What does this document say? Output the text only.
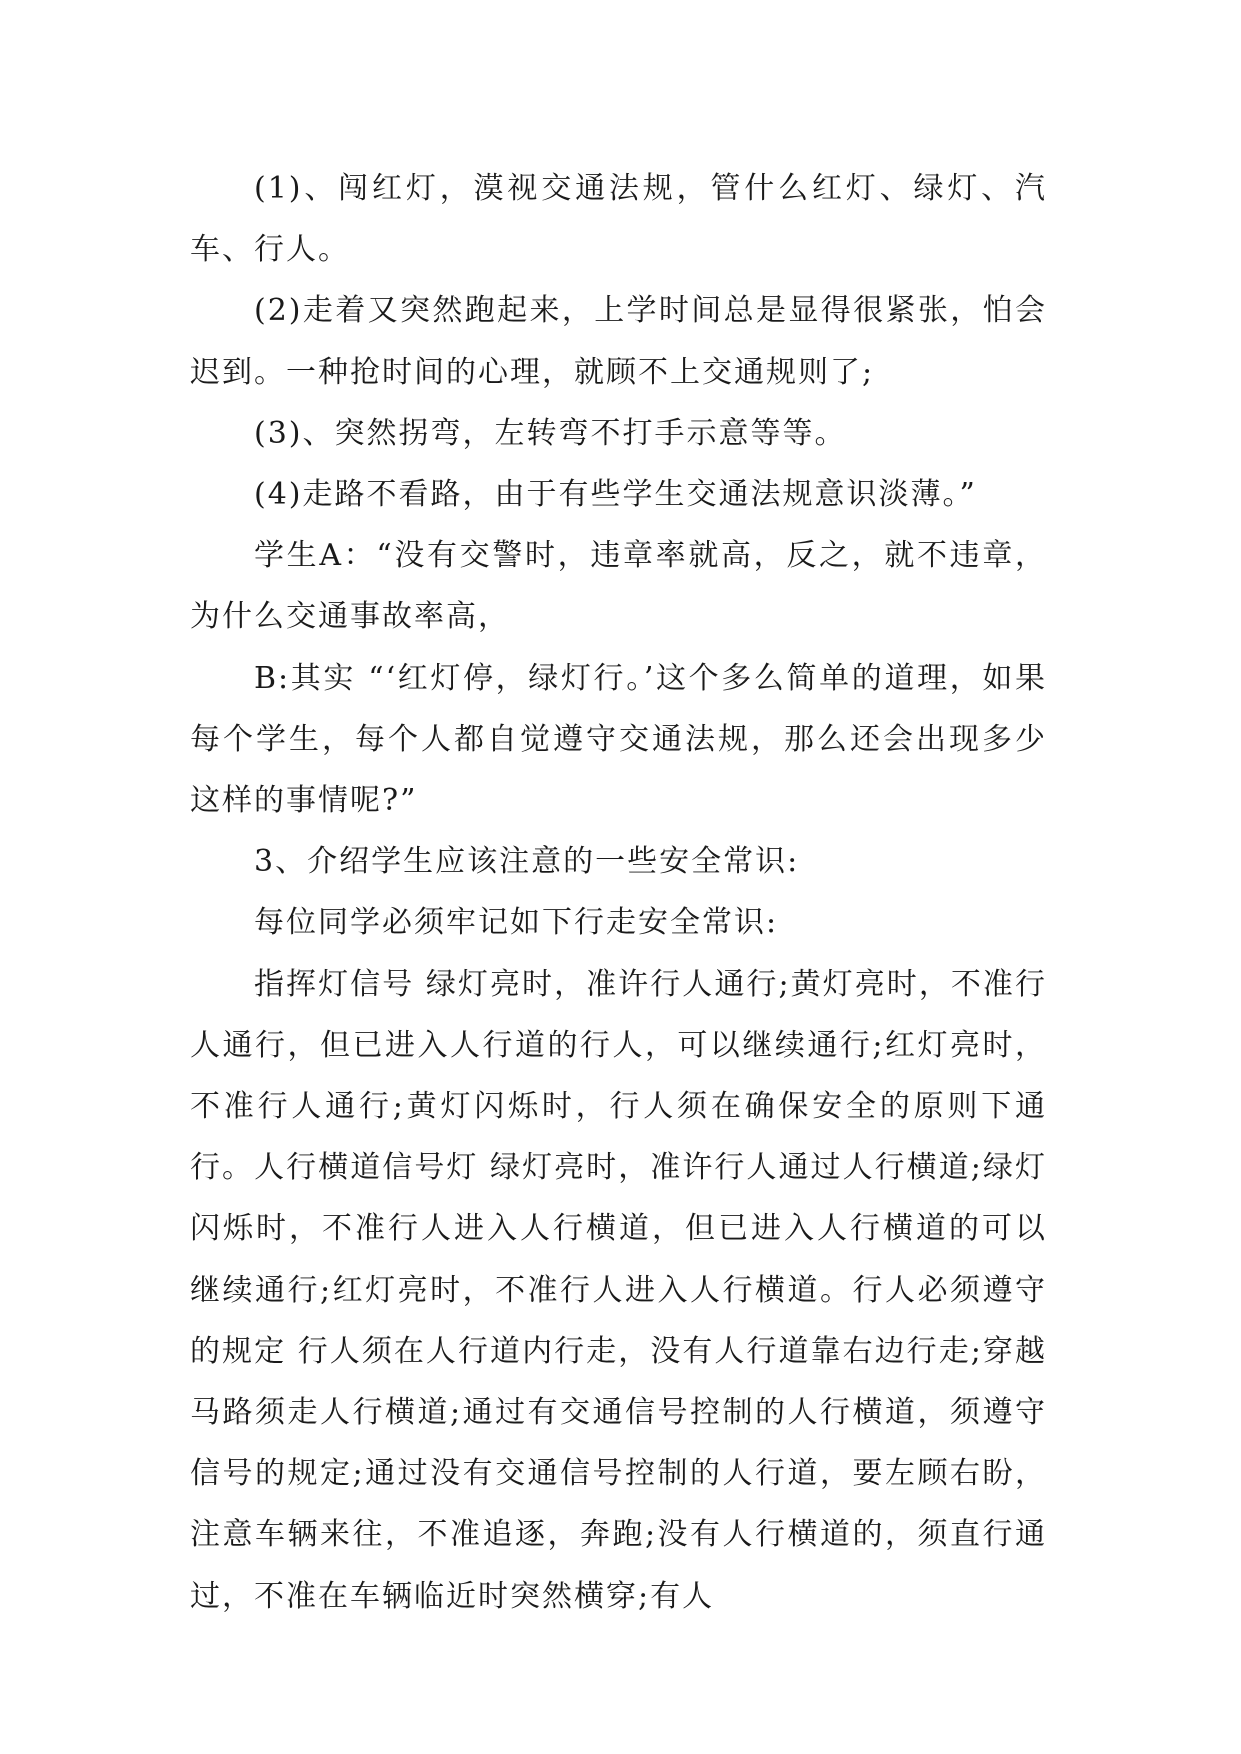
(1)、闯红灯，漠视交通法规，管什么红灯、绿灯、汽车、行人。

(2)走着又突然跑起来，上学时间总是显得很紧张，怕会迟到。一种抢时间的心理，就顾不上交通规则了;

(3)、突然拐弯，左转弯不打手示意等等。

(4)走路不看路，由于有些学生交通法规意识淡薄。”

学生A：“没有交警时，违章率就高，反之，就不违章，为什么交通事故率高，

B:其实 “‘红灯停，绿灯行。’这个多么简单的道理，如果每个学生，每个人都自觉遵守交通法规，那么还会出现多少这样的事情呢?”

3、介绍学生应该注意的一些安全常识:

每位同学必须牢记如下行走安全常识:

指挥灯信号 绿灯亮时，准许行人通行;黄灯亮时，不准行人通行，但已进入人行道的行人，可以继续通行;红灯亮时，不准行人通行;黄灯闪烁时，行人须在确保安全的原则下通行。人行横道信号灯 绿灯亮时，准许行人通过人行横道;绿灯闪烁时，不准行人进入人行横道，但已进入人行横道的可以继续通行;红灯亮时，不准行人进入人行横道。行人必须遵守的规定 行人须在人行道内行走，没有人行道靠右边行走;穿越马路须走人行横道;通过有交通信号控制的人行横道，须遵守信号的规定;通过没有交通信号控制的人行道，要左顾右盼，注意车辆来往，不准追逐，奔跑;没有人行横道的，须直行通过，不准在车辆临近时突然横穿;有人
